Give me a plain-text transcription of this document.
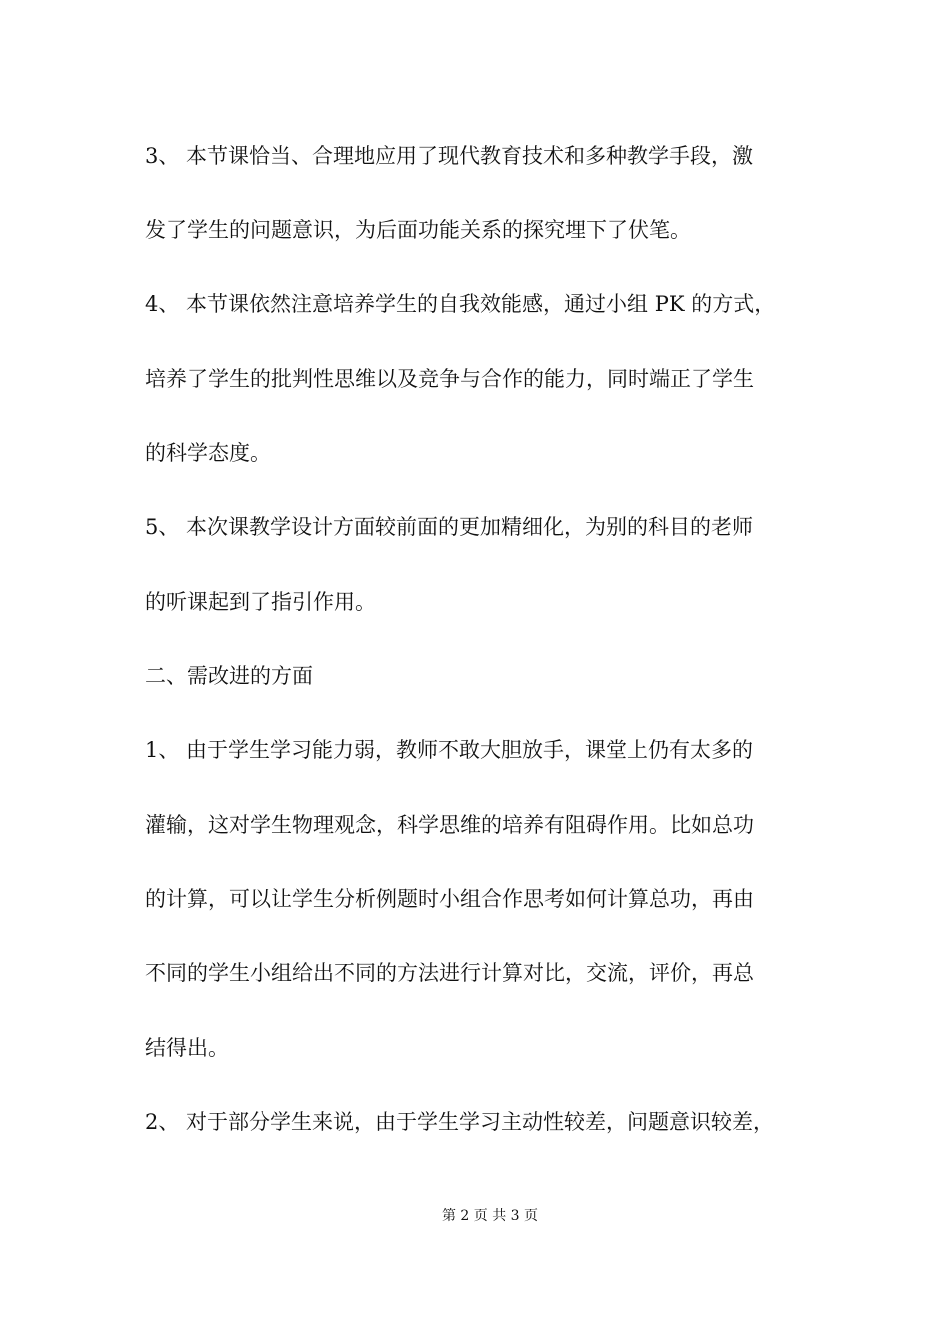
3、 本节课恰当、合理地应用了现代教育技术和多种教学手段，激
发了学生的问题意识，为后面功能关系的探究埋下了伏笔。
4、 本节课依然注意培养学生的自我效能感，通过小组 PK 的方式，
培养了学生的批判性思维以及竞争与合作的能力，同时端正了学生
的科学态度。
5、 本次课教学设计方面较前面的更加精细化，为别的科目的老师
的听课起到了指引作用。
二、需改进的方面
1、 由于学生学习能力弱，教师不敢大胆放手，课堂上仍有太多的
灌输，这对学生物理观念，科学思维的培养有阻碍作用。比如总功
的计算，可以让学生分析例题时小组合作思考如何计算总功，再由
不同的学生小组给出不同的方法进行计算对比，交流，评价，再总
结得出。
2、 对于部分学生来说，由于学生学习主动性较差，问题意识较差，
第 2 页 共 3 页
